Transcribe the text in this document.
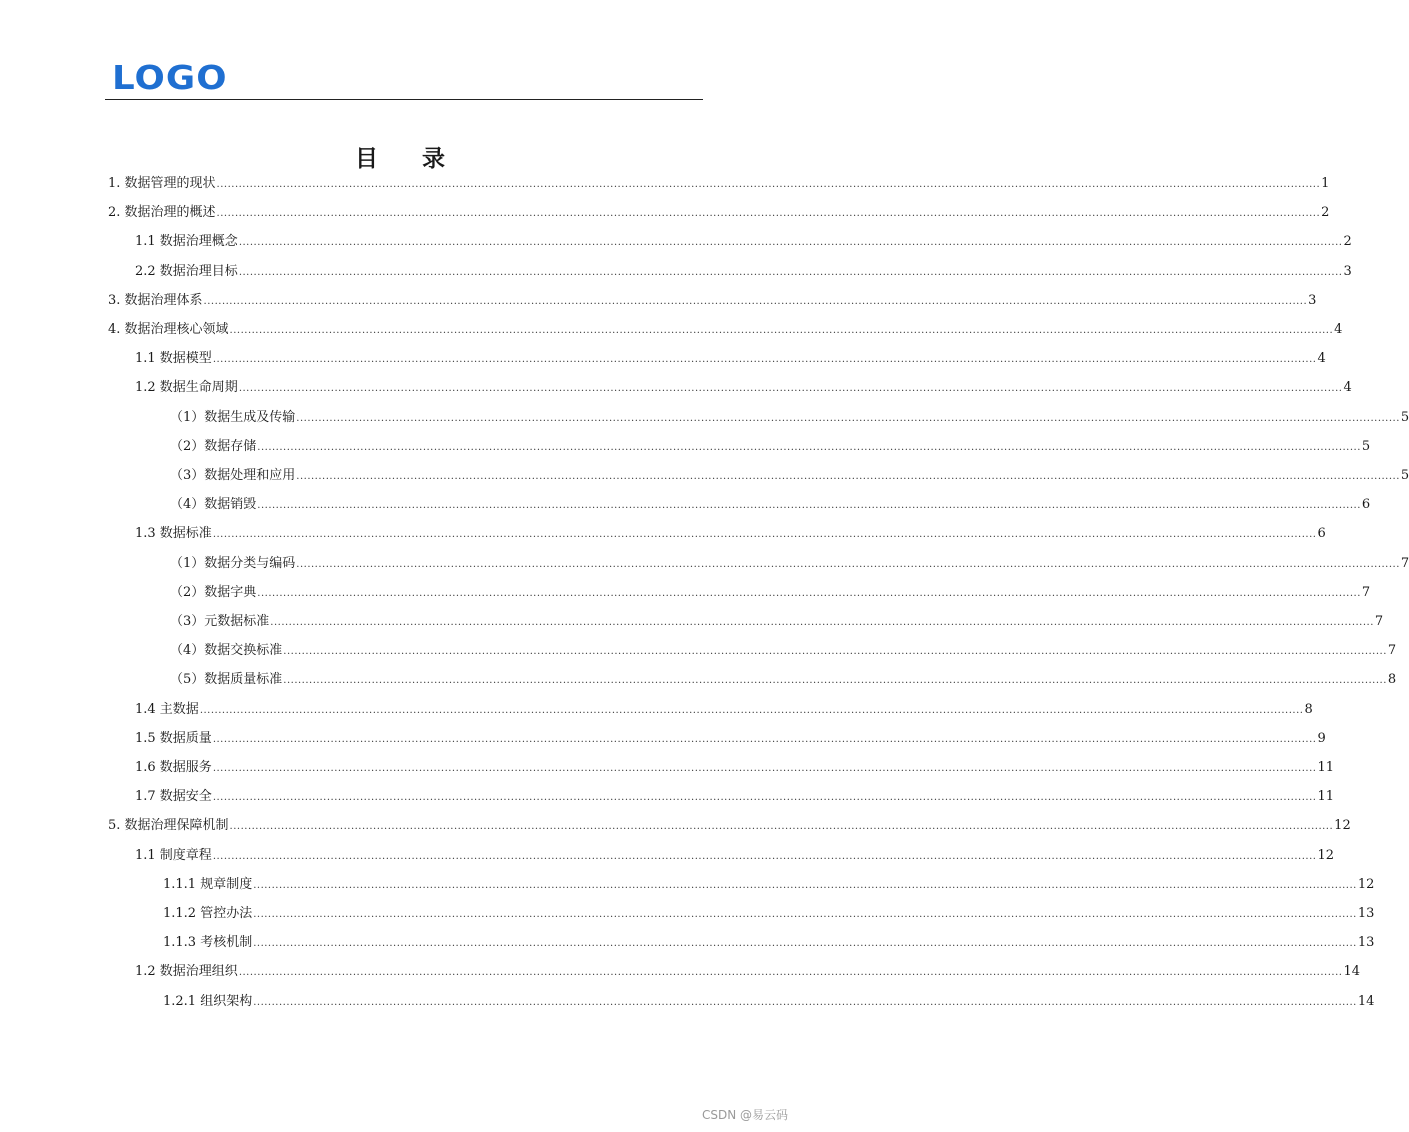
LOGO
目 录
1. 数据管理的现状 ............................................................................................................................................................................................................................................................................................................ 1
2. 数据治理的概述 ............................................................................................................................................................................................................................................................................................................ 2
1.1 数据治理概念 ............................................................................................................................................................................................................................................................................................................ 2
2.2 数据治理目标 ............................................................................................................................................................................................................................................................................................................ 3
3. 数据治理体系 ............................................................................................................................................................................................................................................................................................................ 3
4. 数据治理核心领域 ............................................................................................................................................................................................................................................................................................................ 4
1.1 数据模型 ............................................................................................................................................................................................................................................................................................................ 4
1.2 数据生命周期 ............................................................................................................................................................................................................................................................................................................ 4
（1）数据生成及传输 ............................................................................................................................................................................................................................................................................................................ 5
（2）数据存储 ............................................................................................................................................................................................................................................................................................................ 5
（3）数据处理和应用 ............................................................................................................................................................................................................................................................................................................ 5
（4）数据销毁 ............................................................................................................................................................................................................................................................................................................ 6
1.3 数据标准 ............................................................................................................................................................................................................................................................................................................ 6
（1）数据分类与编码 ............................................................................................................................................................................................................................................................................................................ 7
（2）数据字典 ............................................................................................................................................................................................................................................................................................................ 7
（3）元数据标准 ............................................................................................................................................................................................................................................................................................................ 7
（4）数据交换标准 ............................................................................................................................................................................................................................................................................................................ 7
（5）数据质量标准 ............................................................................................................................................................................................................................................................................................................ 8
1.4 主数据 ............................................................................................................................................................................................................................................................................................................ 8
1.5 数据质量 ............................................................................................................................................................................................................................................................................................................ 9
1.6 数据服务 ............................................................................................................................................................................................................................................................................................................ 11
1.7 数据安全 ............................................................................................................................................................................................................................................................................................................ 11
5. 数据治理保障机制 ............................................................................................................................................................................................................................................................................................................ 12
1.1 制度章程 ............................................................................................................................................................................................................................................................................................................ 12
1.1.1 规章制度 ............................................................................................................................................................................................................................................................................................................ 12
1.1.2 管控办法 ............................................................................................................................................................................................................................................................................................................ 13
1.1.3 考核机制 ............................................................................................................................................................................................................................................................................................................ 13
1.2 数据治理组织 ............................................................................................................................................................................................................................................................................................................ 14
1.2.1 组织架构 ............................................................................................................................................................................................................................................................................................................ 14
CSDN @易云码
